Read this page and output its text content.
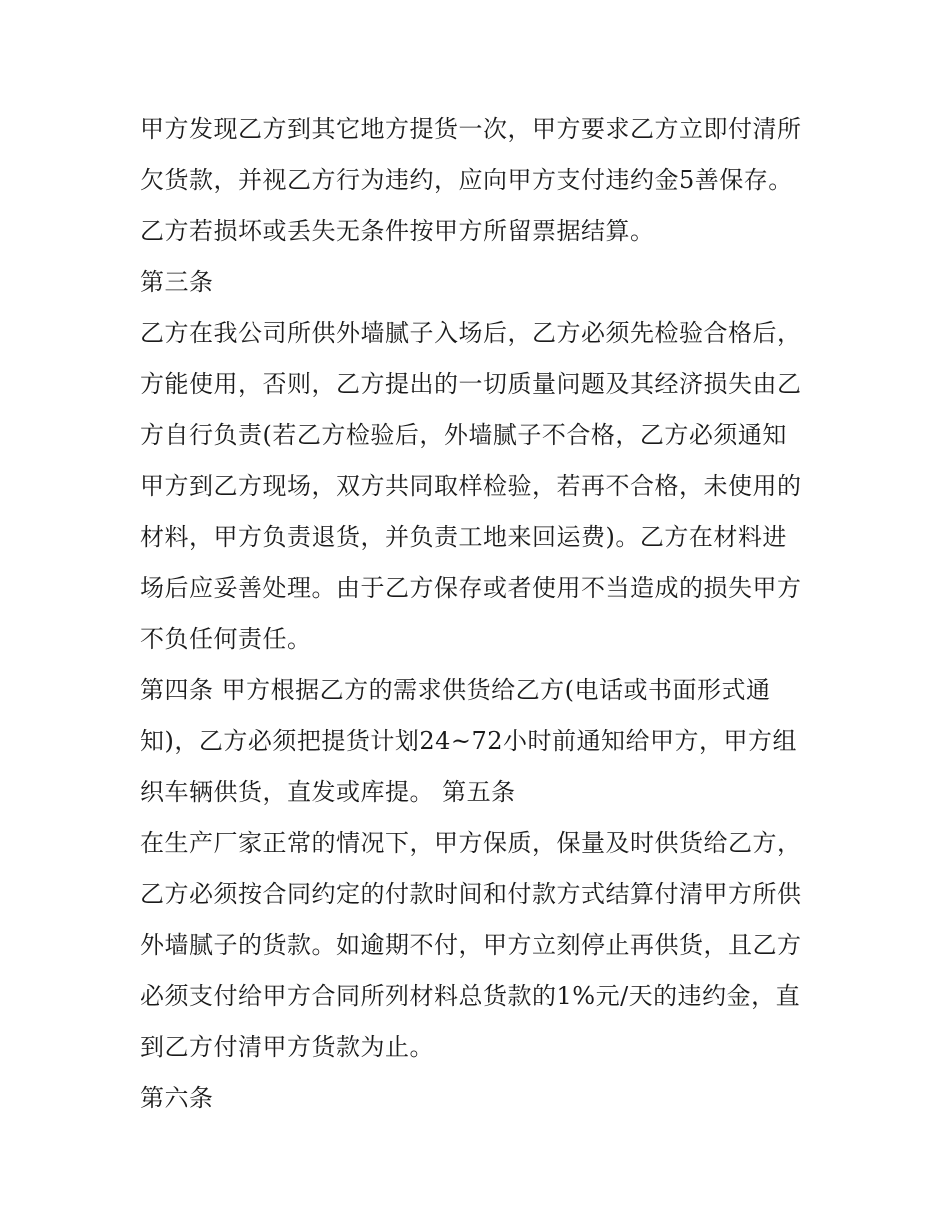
甲方发现乙方到其它地方提货一次，甲方要求乙方立即付清所
欠货款，并视乙方行为违约，应向甲方支付违约金5善保存。
乙方若损坏或丢失无条件按甲方所留票据结算。
第三条
乙方在我公司所供外墙腻子入场后，乙方必须先检验合格后，
方能使用，否则，乙方提出的一切质量问题及其经济损失由乙
方自行负责(若乙方检验后，外墙腻子不合格，乙方必须通知
甲方到乙方现场，双方共同取样检验，若再不合格，未使用的
材料，甲方负责退货，并负责工地来回运费)。乙方在材料进
场后应妥善处理。由于乙方保存或者使用不当造成的损失甲方
不负任何责任。
第四条 甲方根据乙方的需求供货给乙方(电话或书面形式通
知)，乙方必须把提货计划24~72小时前通知给甲方，甲方组
织车辆供货，直发或库提。 第五条
在生产厂家正常的情况下，甲方保质，保量及时供货给乙方，
乙方必须按合同约定的付款时间和付款方式结算付清甲方所供
外墙腻子的货款。如逾期不付，甲方立刻停止再供货，且乙方
必须支付给甲方合同所列材料总货款的1%元/天的违约金，直
到乙方付清甲方货款为止。
第六条
